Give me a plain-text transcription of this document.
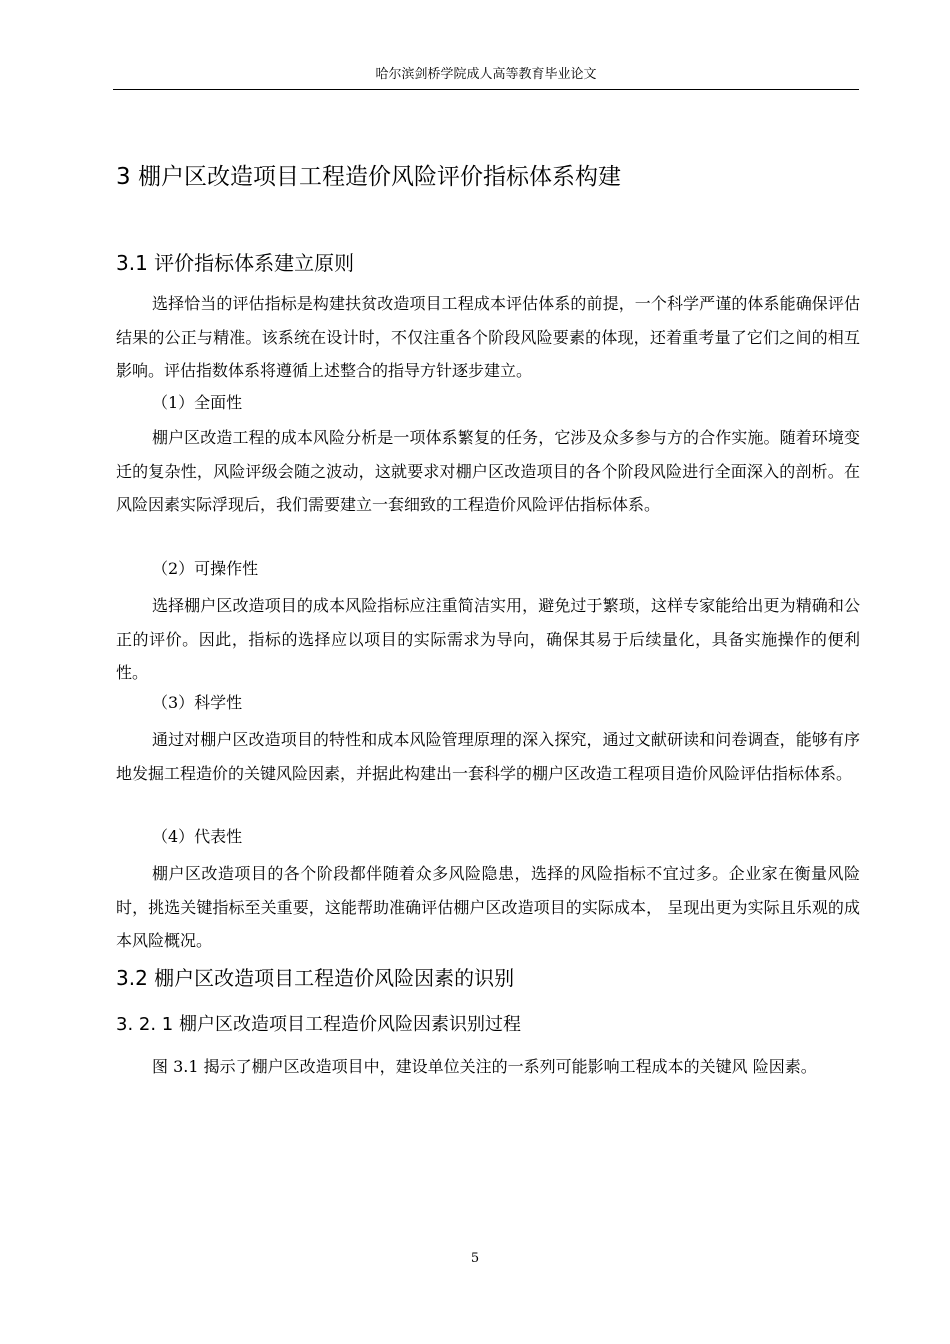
哈尔滨剑桥学院成人高等教育毕业论文
3 棚户区改造项目工程造价风险评价指标体系构建
3.1 评价指标体系建立原则

选择恰当的评估指标是构建扶贫改造项目工程成本评估体系的前提，一个科学严谨的体系能确保评估结果的公正与精准。该系统在设计时，不仅注重各个阶段风险要素的体现，还着重考量了它们之间的相互影响。评估指数体系将遵循上述整合的指导方针逐步建立。

（1）全面性

棚户区改造工程的成本风险分析是一项体系繁复的任务，它涉及众多参与方的合作实施。随着环境变迁的复杂性，风险评级会随之波动，这就要求对棚户区改造项目的各个阶段风险进行全面深入的剖析。在风险因素实际浮现后，我们需要建立一套细致的工程造价风险评估指标体系。

（2）可操作性

选择棚户区改造项目的成本风险指标应注重简洁实用，避免过于繁琐，这样专家能给出更为精确和公正的评价。因此，指标的选择应以项目的实际需求为导向，确保其易于后续量化，具备实施操作的便利性。

（3）科学性

通过对棚户区改造项目的特性和成本风险管理原理的深入探究，通过文献研读和问卷调查，能够有序地发掘工程造价的关键风险因素，并据此构建出一套科学的棚户区改造工程项目造价风险评估指标体系。

（4）代表性

棚户区改造项目的各个阶段都伴随着众多风险隐患，选择的风险指标不宜过多。企业家在衡量风险时，挑选关键指标至关重要，这能帮助准确评估棚户区改造项目的实际成本， 呈现出更为实际且乐观的成本风险概况。

3.2 棚户区改造项目工程造价风险因素的识别
3. 2. 1 棚户区改造项目工程造价风险因素识别过程

图 3.1 揭示了棚户区改造项目中，建设单位关注的一系列可能影响工程成本的关键风 险因素。

5
